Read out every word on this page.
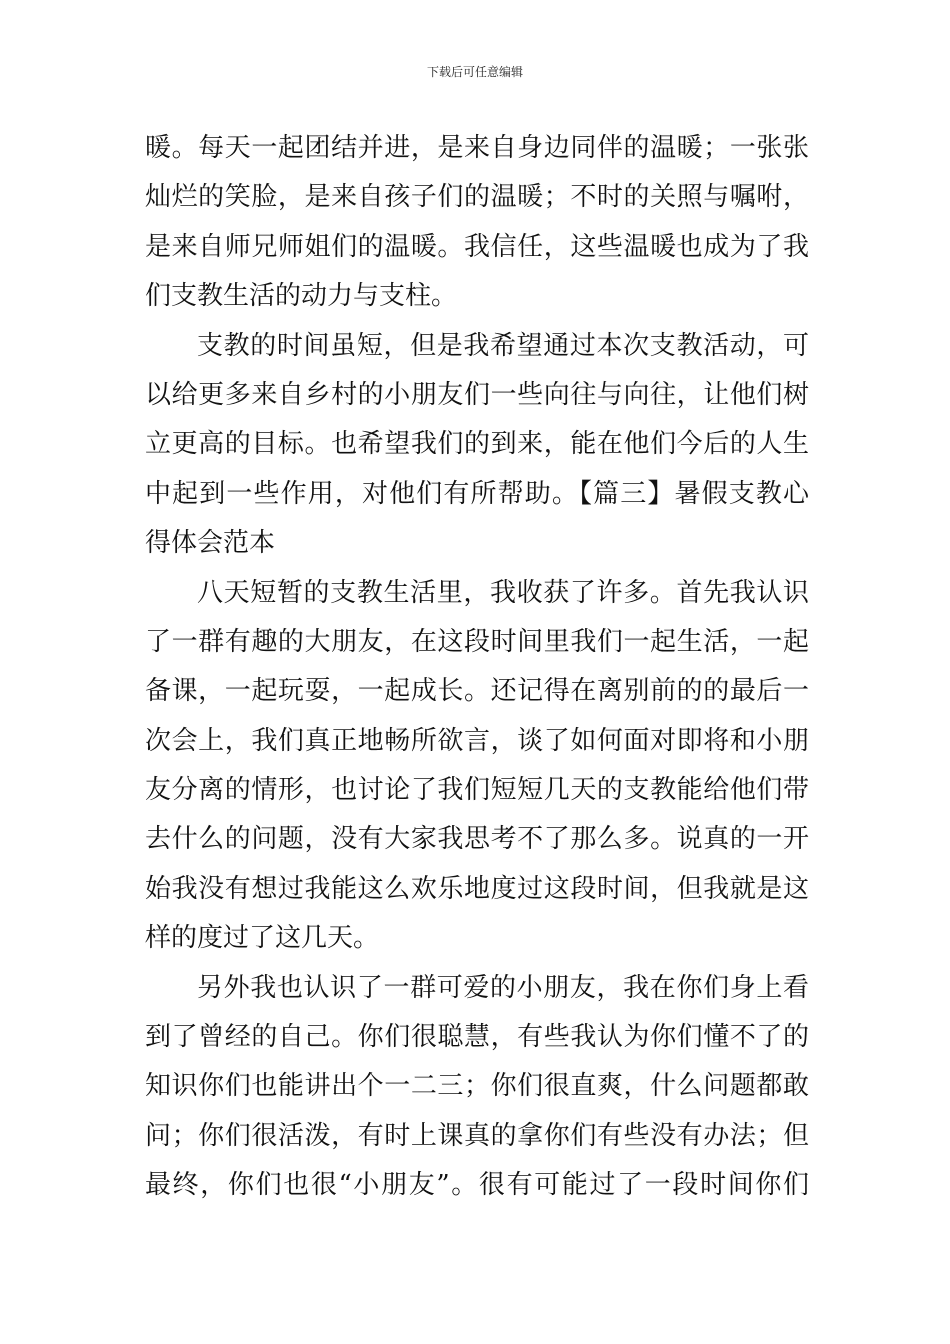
下载后可任意编辑
暖。每天一起团结并进，是来自身边同伴的温暖；一张张
灿烂的笑脸，是来自孩子们的温暖；不时的关照与嘱咐，
是来自师兄师姐们的温暖。我信任，这些温暖也成为了我
们支教生活的动力与支柱。
支教的时间虽短，但是我希望通过本次支教活动，可
以给更多来自乡村的小朋友们一些向往与向往，让他们树
立更高的目标。也希望我们的到来，能在他们今后的人生
中起到一些作用，对他们有所帮助。【篇三】暑假支教心
得体会范本
八天短暂的支教生活里，我收获了许多。首先我认识
了一群有趣的大朋友，在这段时间里我们一起生活，一起
备课，一起玩耍，一起成长。还记得在离别前的的最后一
次会上，我们真正地畅所欲言，谈了如何面对即将和小朋
友分离的情形，也讨论了我们短短几天的支教能给他们带
去什么的问题，没有大家我思考不了那么多。说真的一开
始我没有想过我能这么欢乐地度过这段时间，但我就是这
样的度过了这几天。
另外我也认识了一群可爱的小朋友，我在你们身上看
到了曾经的自己。你们很聪慧，有些我认为你们懂不了的
知识你们也能讲出个一二三；你们很直爽，什么问题都敢
问；你们很活泼，有时上课真的拿你们有些没有办法；但
最终，你们也很“小朋友”。很有可能过了一段时间你们
